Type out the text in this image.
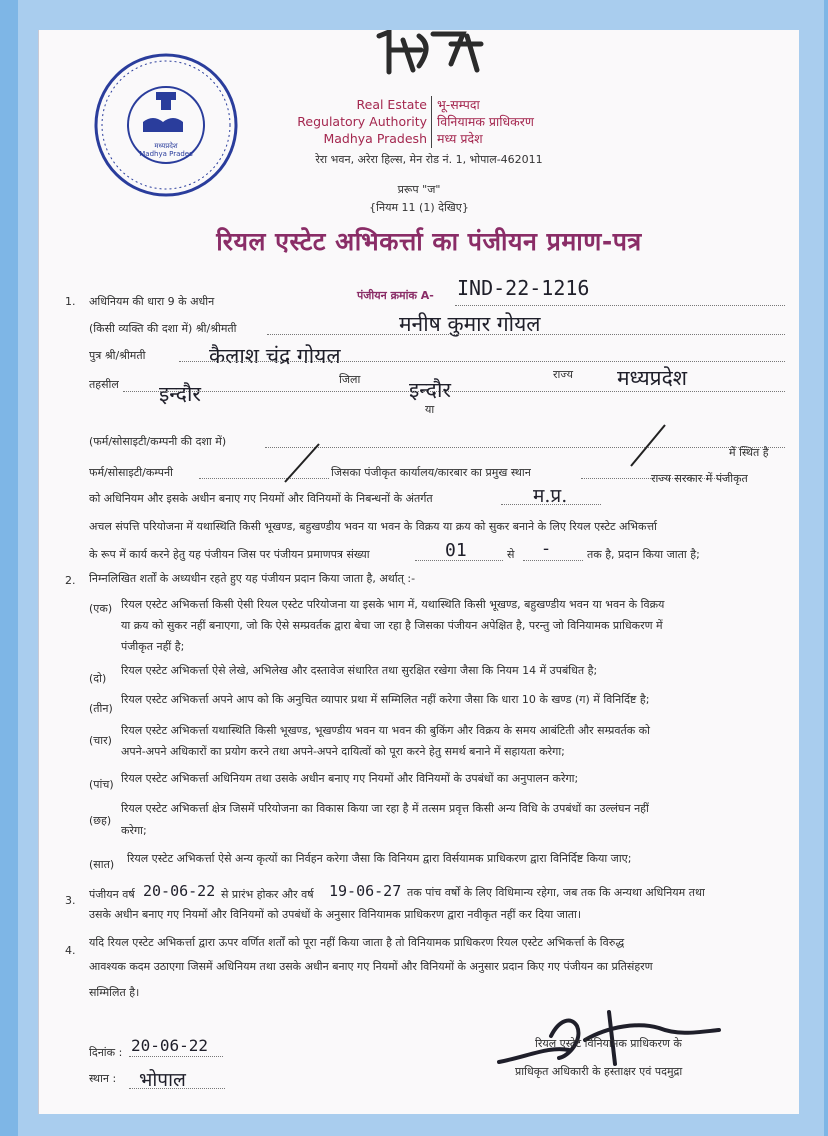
मध्यप्रदेश
Madhya Prades
Real Estate
Regulatory Authority
Madhya Pradesh
भू-सम्पदा
विनियामक प्राधिकरण
मध्य प्रदेश
रेरा भवन, अरेरा हिल्स, मेन रोड नं. 1, भोपाल-462011
प्ररूप "ज"
{नियम 11 (1) देखिए}
रियल एस्टेट अभिकर्त्ता का पंजीयन प्रमाण-पत्र
1. अधिनियम की धारा 9 के अधीन	पंजीयन क्रमांक A- IND-22-1216
(किसी व्यक्ति की दशा में) श्री/श्रीमती	मनीष कुमार गोयल
पुत्र श्री/श्रीमती	कैलाश चंद्र गोयल
तहसील इन्दौर
जिला इन्दौर
या
राज्य मध्यप्रदेश
(फर्म/सोसाइटी/कम्पनी की दशा में)
फर्म/सोसाइटी/कम्पनी	जिसका पंजीकृत कार्यालय/कारबार का प्रमुख स्थान
में स्थित है
को अधिनियम और इसके अधीन बनाए गए नियमों और विनियमों के निबन्धनों के अंतर्गत	म.प्र.
राज्य सरकार में पंजीकृत
अचल संपत्ति परियोजना में यथास्थिति किसी भूखण्ड, बहुखण्डीय भवन या भवन के विक्रय या क्रय को सुकर बनाने के लिए रियल एस्टेट अभिकर्त्ता
के रूप में कार्य करने हेतु यह पंजीयन जिस पर पंजीयन प्रमाणपत्र संख्या	01	से -	तक है, प्रदान किया जाता है;
2. निम्नलिखित शर्तों के अध्यधीन रहते हुए यह पंजीयन प्रदान किया जाता है, अर्थात् :-
(एक) रियल एस्टेट अभिकर्त्ता किसी ऐसी रियल एस्टेट परियोजना या इसके भाग में, यथास्थिति किसी भूखण्ड, बहुखण्डीय भवन या भवन के विक्रय
या क्रय को सुकर नहीं बनाएगा, जो कि ऐसे सम्प्रवर्तक द्वारा बेचा जा रहा है जिसका पंजीयन अपेक्षित है, परन्तु जो विनियामक प्राधिकरण में
पंजीकृत नहीं है;
(दो)
रियल एस्टेट अभिकर्त्ता ऐसे लेखे, अभिलेख और दस्तावेज संधारित तथा सुरक्षित रखेगा जैसा कि नियम 14 में उपबंधित है;
(तीन)
रियल एस्टेट अभिकर्त्ता अपने आप को कि अनुचित व्यापार प्रथा में सम्मिलित नहीं करेगा जैसा कि धारा 10 के खण्ड (ग) में विनिर्दिष्ट है;
(चार)
रियल एस्टेट अभिकर्त्ता यथास्थिति किसी भूखण्ड, भूखण्डीय भवन या भवन की बुकिंग और विक्रय के समय आबंटिती और सम्प्रवर्तक को
अपने-अपने अधिकारों का प्रयोग करने तथा अपने-अपने दायित्वों को पूरा करने हेतु समर्थ बनाने में सहायता करेगा;
(पांच) रियल एस्टेट अभिकर्त्ता अधिनियम तथा उसके अधीन बनाए गए नियमों और विनियमों के उपबंधों का अनुपालन करेगा;
(छह)
रियल एस्टेट अभिकर्त्ता क्षेत्र जिसमें परियोजना का विकास किया जा रहा है में तत्सम प्रवृत्त किसी अन्य विधि के उपबंधों का उल्लंघन नहीं
करेगा;
(सात) रियल एस्टेट अभिकर्त्ता ऐसे अन्य कृत्यों का निर्वहन करेगा जैसा कि विनियम द्वारा विर्सयामक प्राधिकरण द्वारा विनिर्दिष्ट किया जाए;
3. पंजीयन वर्ष 20-06-22 से प्रारंभ होकर और वर्ष 19-06-27 तक पांच वर्षों के लिए विधिमान्य रहेगा, जब तक कि अन्यथा अधिनियम तथा
उसके अधीन बनाए गए नियमों और विनियमों को उपबंधों के अनुसार विनियामक प्राधिकरण द्वारा नवीकृत नहीं कर दिया जाता।
4.
यदि रियल एस्टेट अभिकर्त्ता द्वारा ऊपर वर्णित शर्तों को पूरा नहीं किया जाता है तो विनियामक प्राधिकरण रियल एस्टेट अभिकर्त्ता के विरुद्ध
आवश्यक कदम उठाएगा जिसमें अधिनियम तथा उसके अधीन बनाए गए नियमों और विनियमों के अनुसार प्रदान किए गए पंजीयन का प्रतिसंहरण
सम्मिलित है।
दिनांक : 20-06-22
स्थान : भोपाल
रियल एस्टेट विनियामक प्राधिकरण के
प्राधिकृत अधिकारी के हस्ताक्षर एवं पदमुद्रा
